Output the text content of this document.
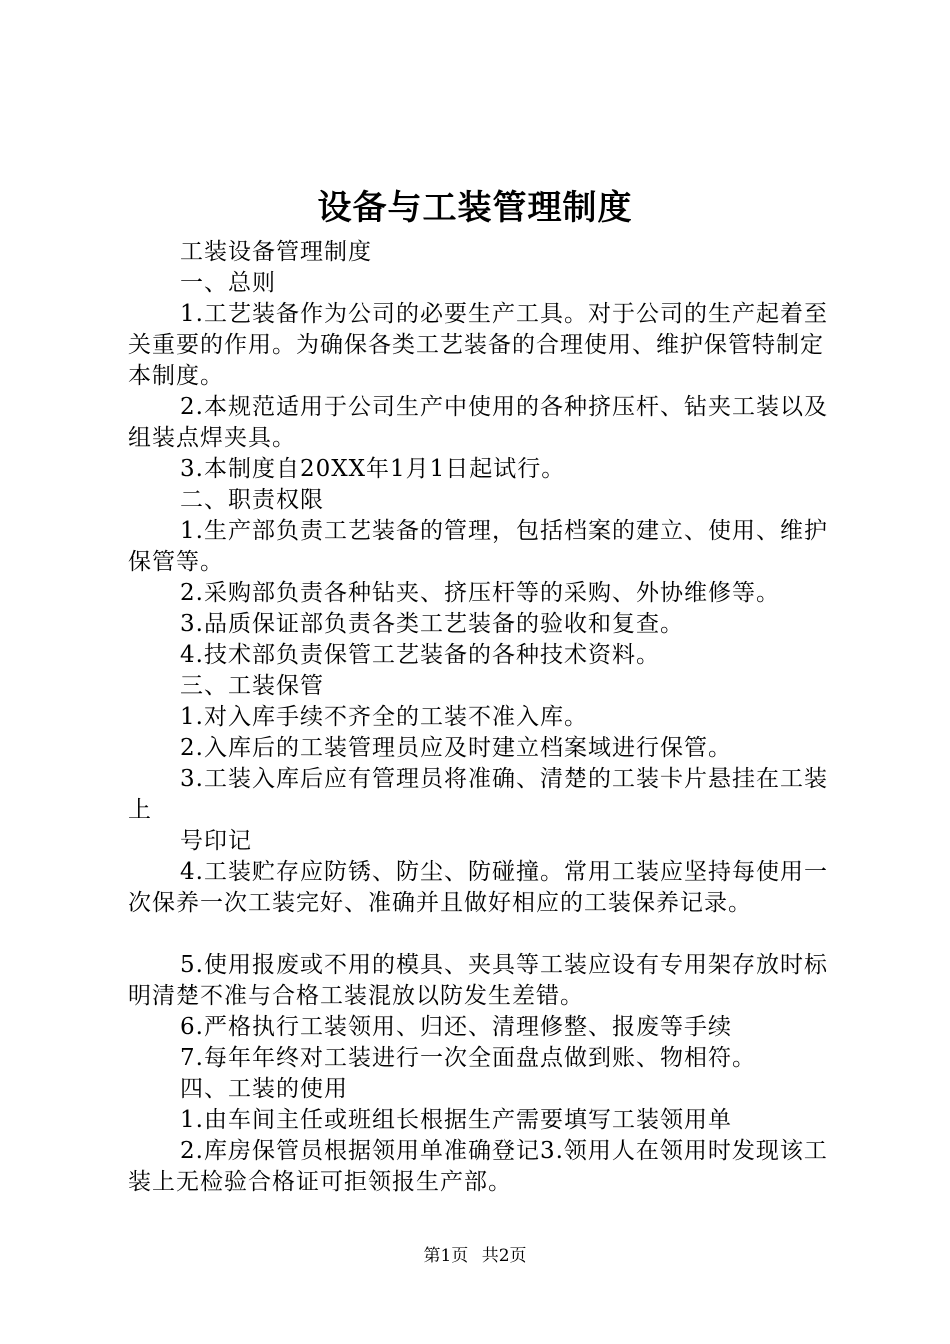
设备与工装管理制度

工装设备管理制度

一、总则

1.工艺装备作为公司的必要生产工具。对于公司的生产起着至关重要的作用。为确保各类工艺装备的合理使用、维护保管特制定本制度。

2.本规范适用于公司生产中使用的各种挤压杆、钻夹工装以及组装点焊夹具。

3.本制度自20XX年1月1日起试行。

二、职责权限

1.生产部负责工艺装备的管理，包括档案的建立、使用、维护保管等。

2.采购部负责各种钻夹、挤压杆等的采购、外协维修等。

3.品质保证部负责各类工艺装备的验收和复查。

4.技术部负责保管工艺装备的各种技术资料。

三、工装保管

1.对入库手续不齐全的工装不准入库。

2.入库后的工装管理员应及时建立档案域进行保管。

3.工装入库后应有管理员将准确、清楚的工装卡片悬挂在工装上

号印记

4.工装贮存应防锈、防尘、防碰撞。常用工装应坚持每使用一次保养一次工装完好、准确并且做好相应的工装保养记录。

5.使用报废或不用的模具、夹具等工装应设有专用架存放时标明清楚不准与合格工装混放以防发生差错。

6.严格执行工装领用、归还、清理修整、报废等手续

7.每年年终对工装进行一次全面盘点做到账、物相符。

四、工装的使用

1.由车间主任或班组长根据生产需要填写工装领用单

2.库房保管员根据领用单准确登记3.领用人在领用时发现该工装上无检验合格证可拒领报生产部。

第1页 共2页
